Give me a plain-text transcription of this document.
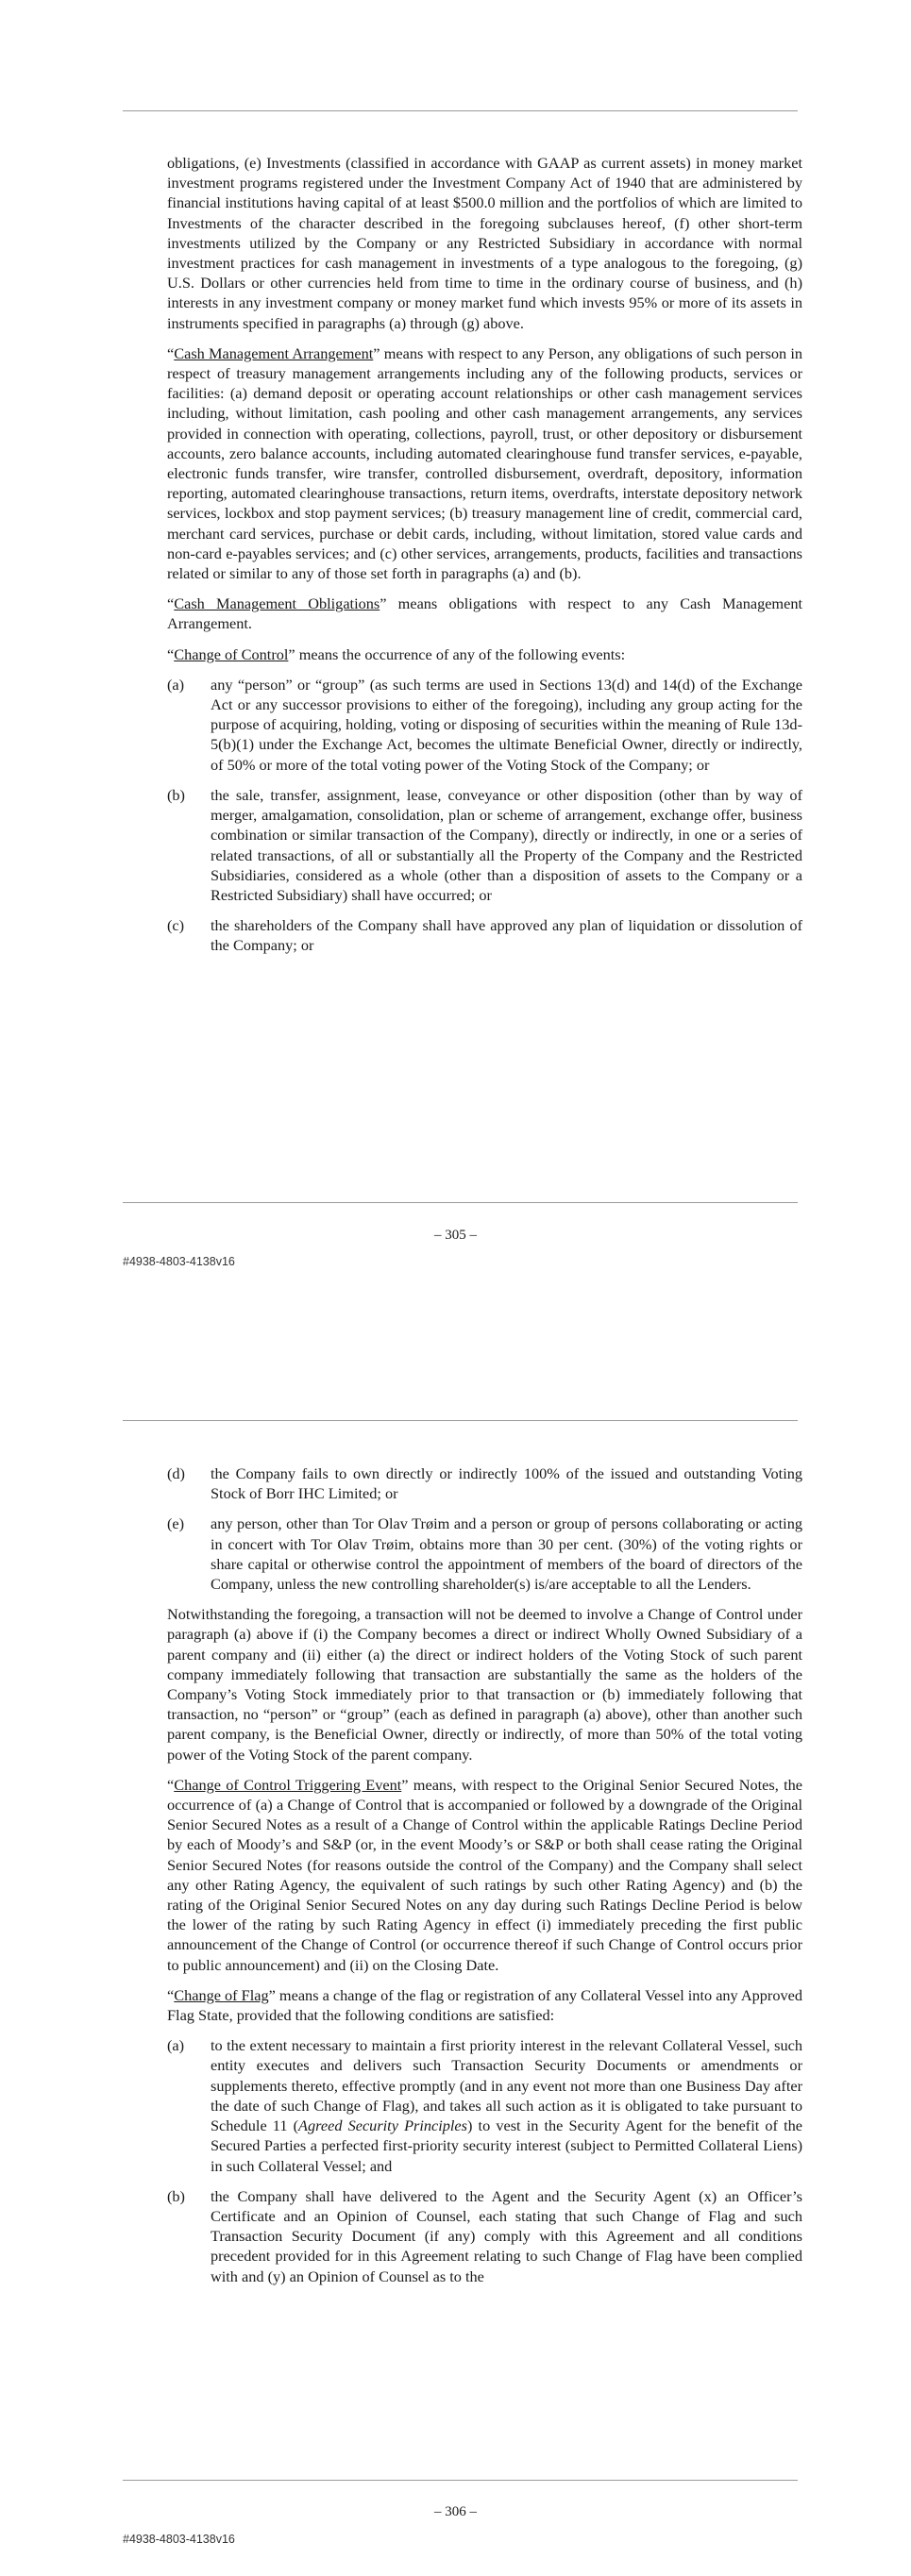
obligations, (e) Investments (classified in accordance with GAAP as current assets) in money market investment programs registered under the Investment Company Act of 1940 that are administered by financial institutions having capital of at least $500.0 million and the portfolios of which are limited to Investments of the character described in the foregoing subclauses hereof, (f) other short-term investments utilized by the Company or any Restricted Subsidiary in accordance with normal investment practices for cash management in investments of a type analogous to the foregoing, (g) U.S. Dollars or other currencies held from time to time in the ordinary course of business, and (h) interests in any investment company or money market fund which invests 95% or more of its assets in instruments specified in paragraphs (a) through (g) above.

“Cash Management Arrangement” means with respect to any Person, any obligations of such person in respect of treasury management arrangements including any of the following products, services or facilities: (a) demand deposit or operating account relationships or other cash management services including, without limitation, cash pooling and other cash management arrangements, any services provided in connection with operating, collections, payroll, trust, or other depository or disbursement accounts, zero balance accounts, including automated clearinghouse fund transfer services, e-payable, electronic funds transfer, wire transfer, controlled disbursement, overdraft, depository, information reporting, automated clearinghouse transactions, return items, overdrafts, interstate depository network services, lockbox and stop payment services; (b) treasury management line of credit, commercial card, merchant card services, purchase or debit cards, including, without limitation, stored value cards and non-card e-payables services; and (c) other services, arrangements, products, facilities and transactions related or similar to any of those set forth in paragraphs (a) and (b).

“Cash Management Obligations” means obligations with respect to any Cash Management Arrangement.

“Change of Control” means the occurrence of any of the following events:

(a) any “person” or “group” (as such terms are used in Sections 13(d) and 14(d) of the Exchange Act or any successor provisions to either of the foregoing), including any group acting for the purpose of acquiring, holding, voting or disposing of securities within the meaning of Rule 13d-5(b)(1) under the Exchange Act, becomes the ultimate Beneficial Owner, directly or indirectly, of 50% or more of the total voting power of the Voting Stock of the Company; or
(b) the sale, transfer, assignment, lease, conveyance or other disposition (other than by way of merger, amalgamation, consolidation, plan or scheme of arrangement, exchange offer, business combination or similar transaction of the Company), directly or indirectly, in one or a series of related transactions, of all or substantially all the Property of the Company and the Restricted Subsidiaries, considered as a whole (other than a disposition of assets to the Company or a Restricted Subsidiary) shall have occurred; or
(c) the shareholders of the Company shall have approved any plan of liquidation or dissolution of the Company; or
– 305 –
#4938-4803-4138v16
(d) the Company fails to own directly or indirectly 100% of the issued and outstanding Voting Stock of Borr IHC Limited; or
(e) any person, other than Tor Olav Trøim and a person or group of persons collaborating or acting in concert with Tor Olav Trøim, obtains more than 30 per cent. (30%) of the voting rights or share capital or otherwise control the appointment of members of the board of directors of the Company, unless the new controlling shareholder(s) is/are acceptable to all the Lenders.

Notwithstanding the foregoing, a transaction will not be deemed to involve a Change of Control under paragraph (a) above if (i) the Company becomes a direct or indirect Wholly Owned Subsidiary of a parent company and (ii) either (a) the direct or indirect holders of the Voting Stock of such parent company immediately following that transaction are substantially the same as the holders of the Company’s Voting Stock immediately prior to that transaction or (b) immediately following that transaction, no “person” or “group” (each as defined in paragraph (a) above), other than another such parent company, is the Beneficial Owner, directly or indirectly, of more than 50% of the total voting power of the Voting Stock of the parent company.

“Change of Control Triggering Event” means, with respect to the Original Senior Secured Notes, the occurrence of (a) a Change of Control that is accompanied or followed by a downgrade of the Original Senior Secured Notes as a result of a Change of Control within the applicable Ratings Decline Period by each of Moody’s and S&P (or, in the event Moody’s or S&P or both shall cease rating the Original Senior Secured Notes (for reasons outside the control of the Company) and the Company shall select any other Rating Agency, the equivalent of such ratings by such other Rating Agency) and (b) the rating of the Original Senior Secured Notes on any day during such Ratings Decline Period is below the lower of the rating by such Rating Agency in effect (i) immediately preceding the first public announcement of the Change of Control (or occurrence thereof if such Change of Control occurs prior to public announcement) and (ii) on the Closing Date.

“Change of Flag” means a change of the flag or registration of any Collateral Vessel into any Approved Flag State, provided that the following conditions are satisfied:

(a) to the extent necessary to maintain a first priority interest in the relevant Collateral Vessel, such entity executes and delivers such Transaction Security Documents or amendments or supplements thereto, effective promptly (and in any event not more than one Business Day after the date of such Change of Flag), and takes all such action as it is obligated to take pursuant to Schedule 11 (Agreed Security Principles) to vest in the Security Agent for the benefit of the Secured Parties a perfected first-priority security interest (subject to Permitted Collateral Liens) in such Collateral Vessel; and
(b) the Company shall have delivered to the Agent and the Security Agent (x) an Officer’s Certificate and an Opinion of Counsel, each stating that such Change of Flag and such Transaction Security Document (if any) comply with this Agreement and all conditions precedent provided for in this Agreement relating to such Change of Flag have been complied with and (y) an Opinion of Counsel as to the
– 306 –
#4938-4803-4138v16
